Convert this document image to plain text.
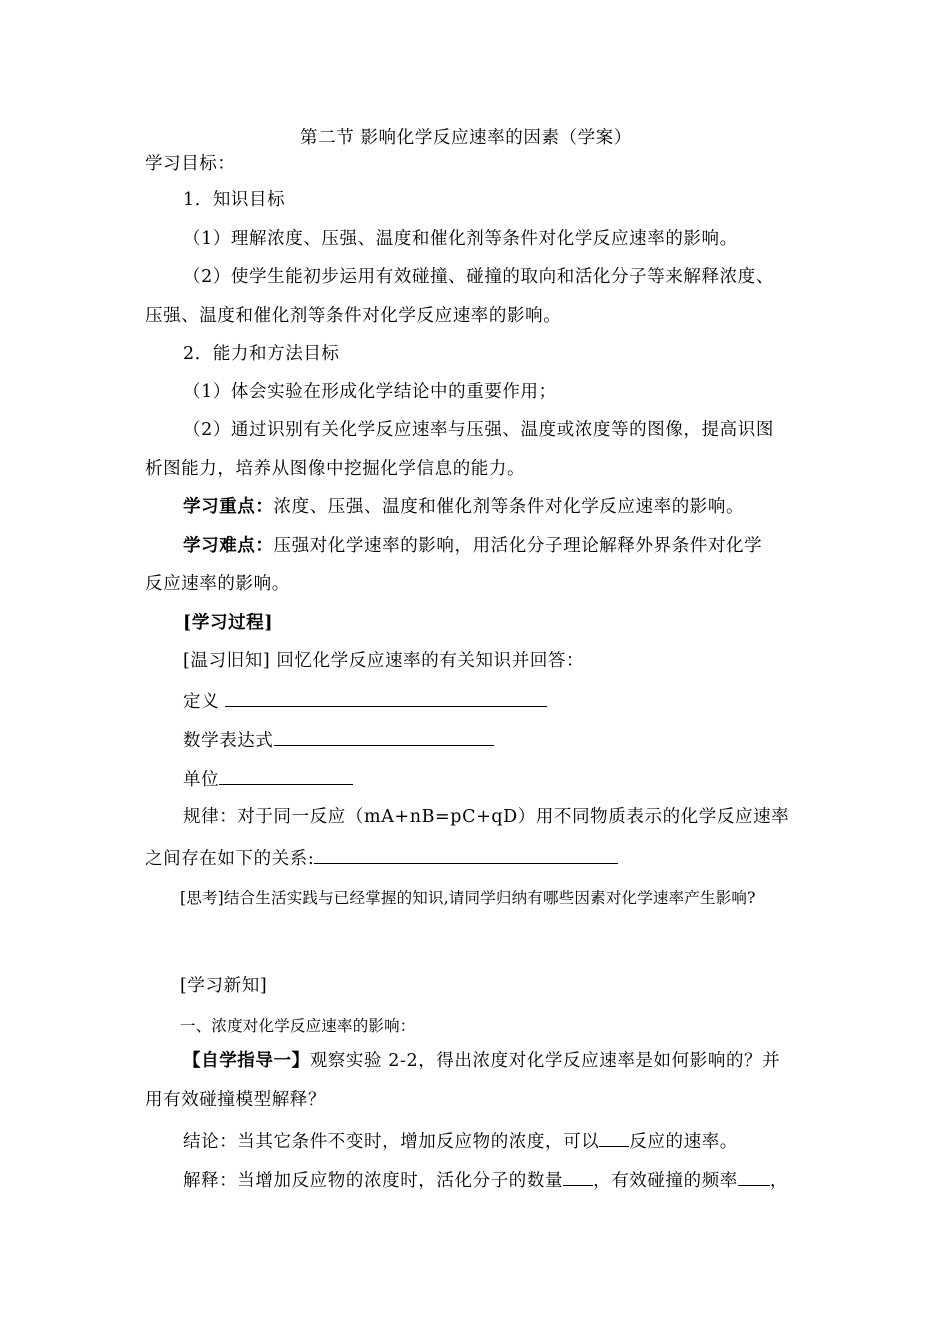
第二节 影响化学反应速率的因素（学案）
学习目标：
1．知识目标
（1）理解浓度、压强、温度和催化剂等条件对化学反应速率的影响。
（2）使学生能初步运用有效碰撞、碰撞的取向和活化分子等来解释浓度、
压强、温度和催化剂等条件对化学反应速率的影响。
2．能力和方法目标
（1）体会实验在形成化学结论中的重要作用；
（2）通过识别有关化学反应速率与压强、温度或浓度等的图像，提高识图
析图能力，培养从图像中挖掘化学信息的能力。
学习重点：浓度、压强、温度和催化剂等条件对化学反应速率的影响。
学习难点：压强对化学速率的影响，用活化分子理论解释外界条件对化学
反应速率的影响。
[学习过程]
[温习旧知] 回忆化学反应速率的有关知识并回答：
定义
数学表达式
单位
规律：对于同一反应（mA+nB=pC+qD）用不同物质表示的化学反应速率
之间存在如下的关系:
[思考]结合生活实践与已经掌握的知识,请同学归纳有哪些因素对化学速率产生影响?
[学习新知]
一、浓度对化学反应速率的影响：
【自学指导一】观察实验 2-2，得出浓度对化学反应速率是如何影响的？并
用有效碰撞模型解释？
结论：当其它条件不变时，增加反应物的浓度，可以 反应的速率。
解释：当增加反应物的浓度时，活化分子的数量 ，有效碰撞的频率 ，
